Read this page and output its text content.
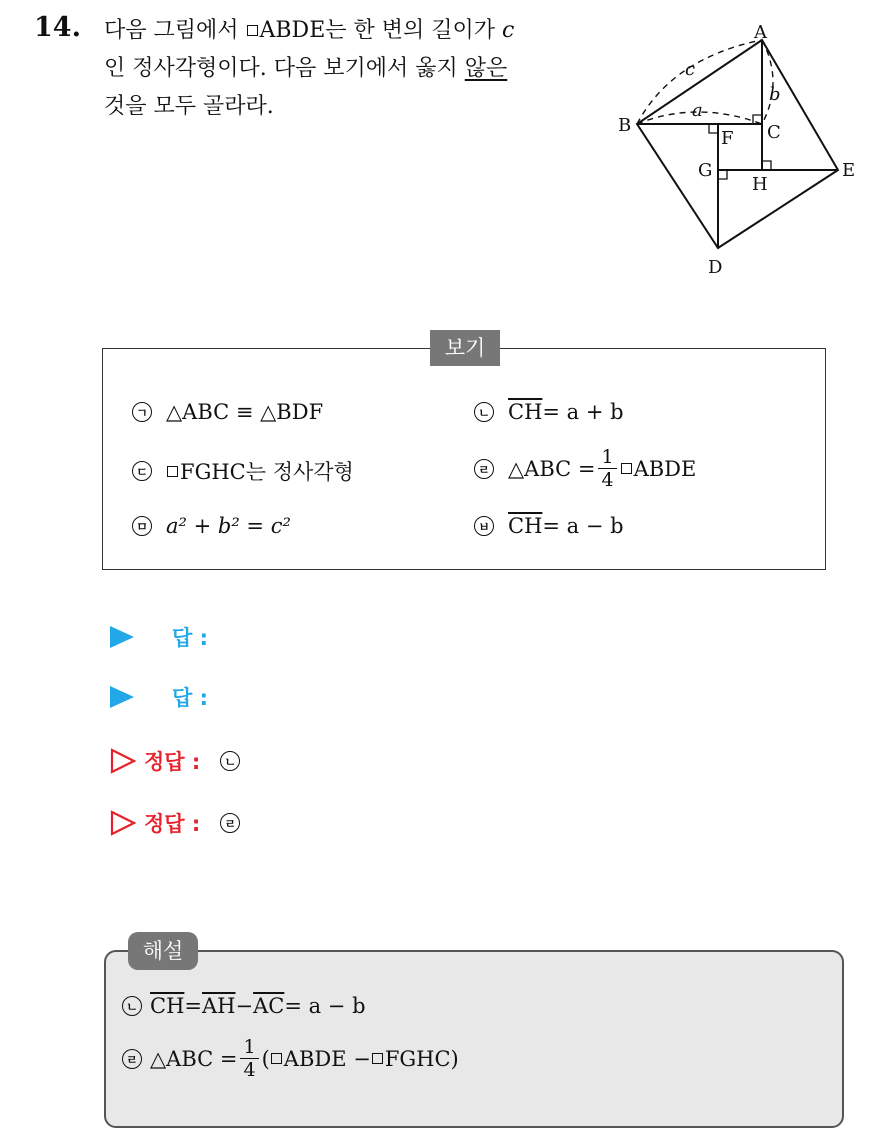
14. 다음 그림에서 ABDE는 한 변의 길이가 c
인 정사각형이다. 다음 보기에서 옳지 않은
것을 모두 골라라.
A
B	C
D
E
F
G
H
a
b
c
보기
ㄱ △ABC ≡ △BDF	ㄴ $\overline{CH} = a + b$
ㄷ FGHC는 정사각형	ㄹ △ABC = $\frac{1}{4}$ ABDE
ㅁ a² + b² = c²	ㅂ $\overline{CH} = a - b$
답 :
답 :
정답 :	ㄴ
정답 :	ㄹ
해설
ㄴ $\overline{CH} = \overline{AH} - \overline{AC} = a - b$
ㄹ △ABC = $\frac{1}{4}$ ( ABDE − FGHC)
